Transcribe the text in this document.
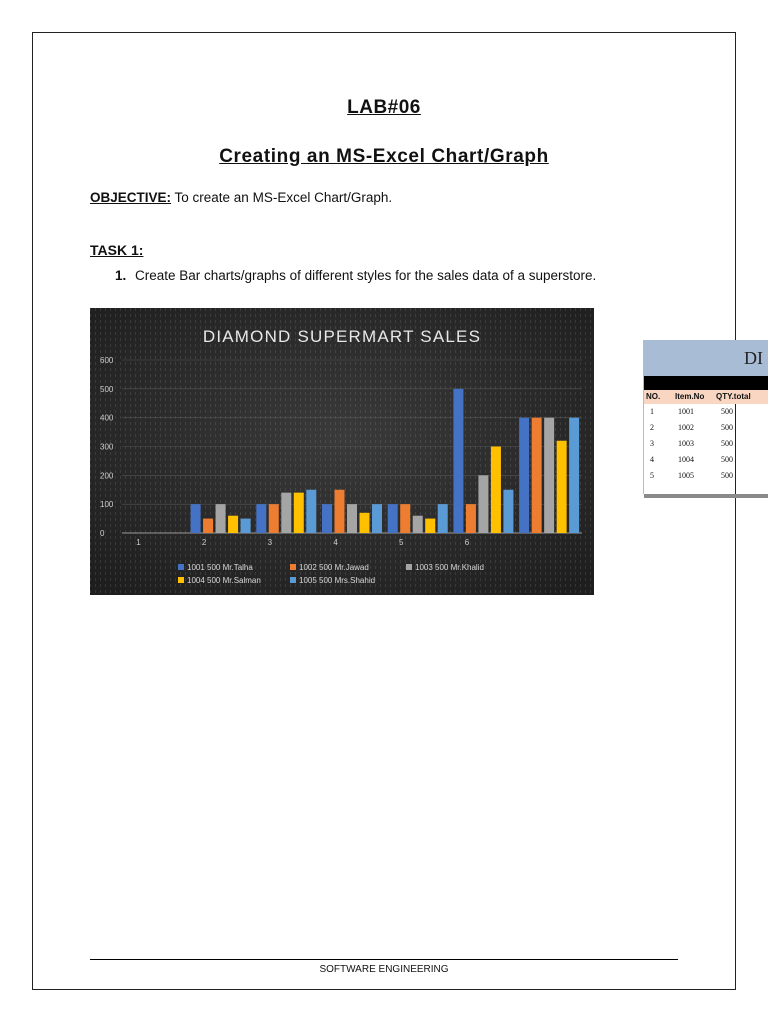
LAB#06
Creating an MS-Excel Chart/Graph
OBJECTIVE: To create an MS-Excel Chart/Graph.
TASK 1:
1. Create Bar charts/graphs of different styles for the sales data of a superstore.
0
100
200
300
400
500
600
1	2	3	4	5	6
DIAMOND SUPERMART SALES
1001 500 Mr.Talha	1002 500 Mr.Jawad	1003 500 Mr.Khalid
1004 500 Mr.Salman	1005 500 Mrs.Shahid
DI
NO. Item.No QTY.total
1	1001	500
2	1002	500
3	1003	500
4	1004	500
5	1005	500
SOFTWARE ENGINEERING
